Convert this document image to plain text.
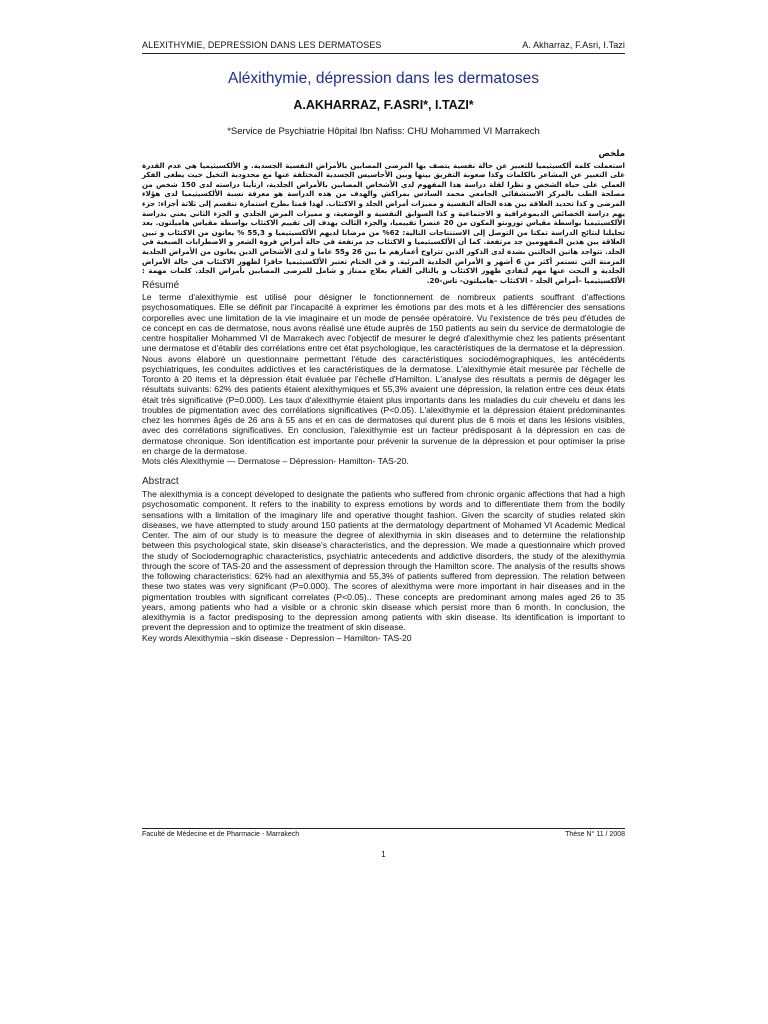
ALEXITHYMIE, DEPRESSION DANS LES DERMATOSES	A. Akharraz, F.Asri, I.Tazi
Aléxithymie, dépression dans les dermatoses
A.AKHARRAZ, F.ASRI*, I.TAZI*
*Service de Psychiatrie Hôpital Ibn Nafiss: CHU Mohammed VI Marrakech
ملخص
استعملت كلمة ألكسيثيميا للتعبير عن حالة نفسية يتصف بها المرضى المصابين بالأمراض النفسية الجسدية. و الألكسيثيميا هي عدم القدرة على التعبير عن المشاعر بالكلمات وكذا صعوبة التفريق بينها وبين الأحاسيس الجسدية المختلفة عنها مع محدودية التخيل حيث يطغى الفكر العملي على حياة الشخص و نظرا لقلة دراسة هذا المفهوم لدى الأشخاص المصابين بالأمراض الجلدية، ارتأينا دراسته لدى 150 شخص من مصلحة الطب بالمركز الاستشفائي الجامعي محمد السادس بمراكش والهدف من هذه الدراسة هو معرفة نسبة الألكسيثيميا لدى هؤلاء المرضى و كذا تحديد العلاقة بين هذه الحالة النفسية و مميزات أمراض الجلد و الاكتئاب. لهذا قمنا بطرح استمارة تنقسم إلى ثلاثة أجزاء: جزء يهم دراسة الخصائص الديموغرافية و الاجتماعية و كذا السوابق النفسية و الوضعية، و مميزات المرض الجلدي و الجزء الثاني يعني بدراسة الألكسيثيميا بواسطة مقياس تورونتو المكون من 20 عنصرا تقييميا، والجزء الثالث يهدف إلى تقييم الاكتئاب بواسطة مقياس هاميلتون. بعد تحليلنا لنتائج الدراسة تمكنا من التوصل إلى الاستنتاجات التالية: 62% من مرضانا لديهم الألكسيثيميا و 55,3 % يعانون من الاكتئاب و تبين العلاقة بين هذين المفهومين جد مرتفعة. كما أن الألكسيثيميا و الاكتئاب جد مرتفعة في حالة أمراض فروة الشعر و الاضطرابات الصبغية في الجلد. تتواجد هاتين الحالتين بشدة لدى الذكور الذين تتراوح أعمارهم ما بين 26 و55 عاما و لدى الأشخاص الذين يعانون من الأمراض الجلدية المزمنة التي تستمر أكثر من 6 أشهر و الأمراض الجلدية المرئية. و في الختام تعتبر الألكسيثيميا حافزا لظهور الاكتئاب في حالة الأمراض الجلدية و البحث عنها مهم لتفادي ظهور الاكتئاب و بالتالي القيام بعلاج ممتاز و شامل للمرضى المصابين بأمراض الجلد. كلمات مهمة : الألكسيثيميا –أمراض الجلد - الاكتئاب –هاميلتون- تاس-20.
Résumé
Le terme d'alexithymie est utilisé pour désigner le fonctionnement de nombreux patients souffrant d'affections psychosomatiques. Elle se définit par l'incapacité à exprimer les émotions par des mots et à les différencier des sensations corporelles avec une limitation de la vie imaginaire et un mode de pensée opératoire. Vu l'existence de très peu d'études de ce concept en cas de dermatose, nous avons réalisé une étude auprès de 150 patients au sein du service de dermatologie de centre hospitalier Mohammed VI de Marrakech avec l'objectif de mesurer le degré d'alexithymie chez les patients présentant une dermatose et d'établir des corrélations entre cet état psychologique, les caractéristiques de la dermatose et la dépression. Nous avons élaboré un questionnaire permettant l'étude des caractéristiques sociodémographiques, les antécédents psychiatriques, les conduites addictives et les caractéristiques de la dermatose. L'alexithymie était mesurée par l'échelle de Toronto à 20 items et la dépression était évaluée par l'échelle d'Hamilton. L'analyse des résultats a permis de dégager les résultats suivants: 62% des patients étaient alexithymiques et 55,3% avaient une dépression, la relation entre ces deux états était très significative (P=0.000). Les taux d'alexithymie étaient plus importants dans les maladies du cuir chevelu et dans les troubles de pigmentation avec des corrélations significatives (P<0.05). L'alexithymie et la dépression étaient prédominantes chez les hommes âgés de 26 ans à 55 ans et en cas de dermatoses qui durent plus de 6 mois et dans les lésions visibles, avec des corrélations significatives. En conclusion, l'alexithymie est un facteur prédisposant à la dépression en cas de dermatose chronique. Son identification est importante pour prévenir la survenue de la dépression et pour optimiser la prise en charge de la dermatose.
Mots clés Alexithymie — Dermatose – Dépression- Hamilton- TAS-20.
Abstract
The alexithymia is a concept developed to designate the patients who suffered from chronic organic affections that had a high psychosomatic component. It refers to the inability to express emotions by words and to differentiate them from the bodily sensations with a limitation of the imaginary life and operative thought fashion. Given the scarcity of studies related skin diseases, we have attempted to study around 150 patients at the dermatology department of Mohamed VI Academic Medical Center. The aim of our study is to measure the degree of alexithymia in skin diseases and to determine the relationship between this psychological state, skin disease's characteristics, and the depression. We made a questionnaire which proved the study of Sociodemographic characteristics, psychiatric antecedents and addictive disorders, the study of the alexithymia through the score of TAS-20 and the assessment of depression through the Hamilton score. The analysis of the results shows the following characteristics: 62% had an alexithymia and 55,3% of patients suffered from depression. The relation between these two states was very significant (P=0.000). The scores of alexithyma were more important in hair diseases and in the pigmentation troubles with significant correlates (P<0.05).. These concepts are predominant among males aged 26 to 35 years, among patients who had a visible or a chronic skin disease which persist more than 6 month. In conclusion, the alexithymia is a factor predisposing to the depression among patients with skin disease. Its identification is important to prevent the depression and to optimize the treatment of skin disease.
Key words Alexithymia –skin disease - Depression – Hamilton- TAS-20
Faculté de Médecine et de Pharmacie - Marrakech	Thèse N° 11 / 2008
1
